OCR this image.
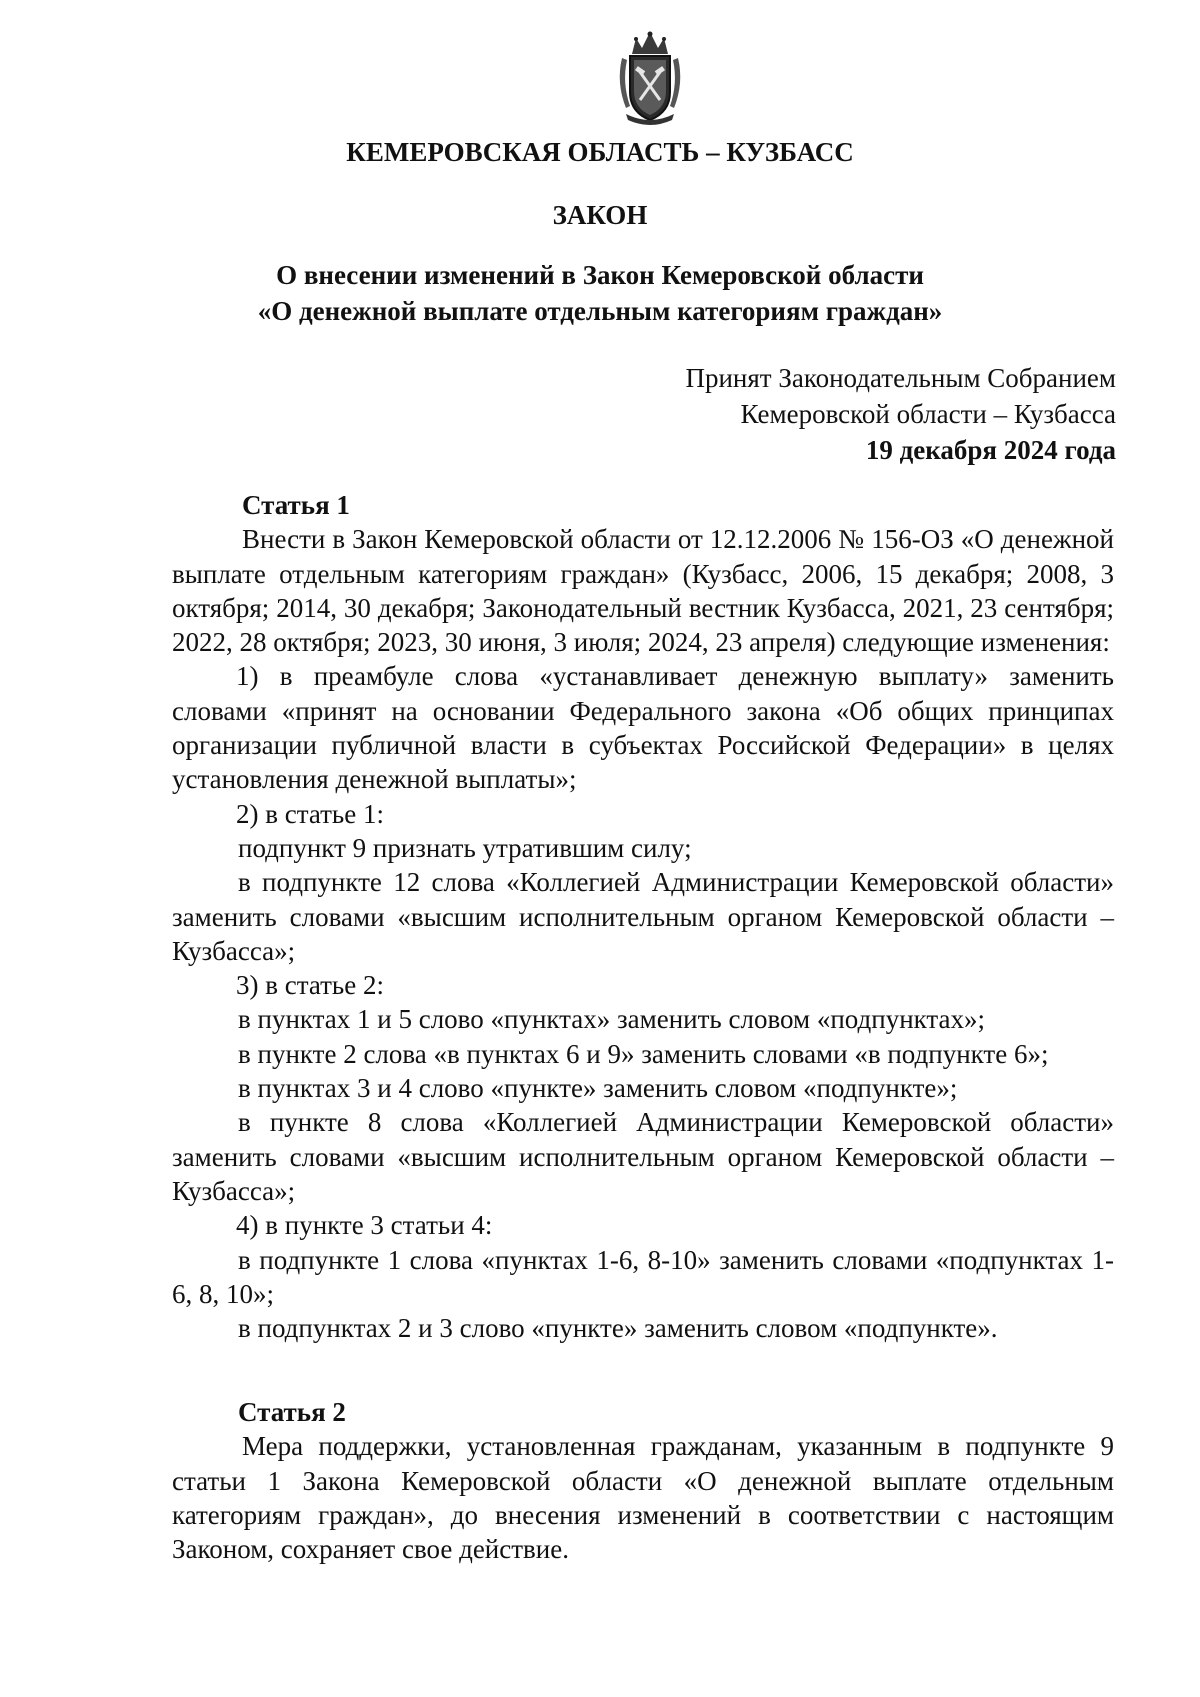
КЕМЕРОВСКАЯ ОБЛАСТЬ – КУЗБАСС
ЗАКОН
О внесении изменений в Закон Кемеровской области
«О денежной выплате отдельным категориям граждан»
Принят Законодательным Собранием
Кемеровской области – Кузбасса
19 декабря 2024 года
Статья 1

Внести в Закон Кемеровской области от 12.12.2006 № 156-ОЗ «О денежной выплате отдельным категориям граждан» (Кузбасс, 2006, 15 декабря; 2008, 3 октября; 2014, 30 декабря; Законодательный вестник Кузбасса, 2021, 23 сентября; 2022, 28 октября; 2023, 30 июня, 3 июля; 2024, 23 апреля) следующие изменения:

1) в преамбуле слова «устанавливает денежную выплату» заменить словами «принят на основании Федерального закона «Об общих принципах организации публичной власти в субъектах Российской Федерации» в целях установления денежной выплаты»;

2) в статье 1:

подпункт 9 признать утратившим силу;

в подпункте 12 слова «Коллегией Администрации Кемеровской области» заменить словами «высшим исполнительным органом Кемеровской области – Кузбасса»;

3) в статье 2:

в пунктах 1 и 5 слово «пунктах» заменить словом «подпунктах»;

в пункте 2 слова «в пунктах 6 и 9» заменить словами «в подпункте 6»;

в пунктах 3 и 4 слово «пункте» заменить словом «подпункте»;

в пункте 8 слова «Коллегией Администрации Кемеровской области» заменить словами «высшим исполнительным органом Кемеровской области – Кузбасса»;

4) в пункте 3 статьи 4:

в подпункте 1 слова «пунктах 1-6, 8-10» заменить словами «подпунктах 1-6, 8, 10»;

в подпунктах 2 и 3 слово «пункте» заменить словом «подпункте».

Статья 2

Мера поддержки, установленная гражданам, указанным в подпункте 9 статьи 1 Закона Кемеровской области «О денежной выплате отдельным категориям граждан», до внесения изменений в соответствии с настоящим Законом, сохраняет свое действие.
